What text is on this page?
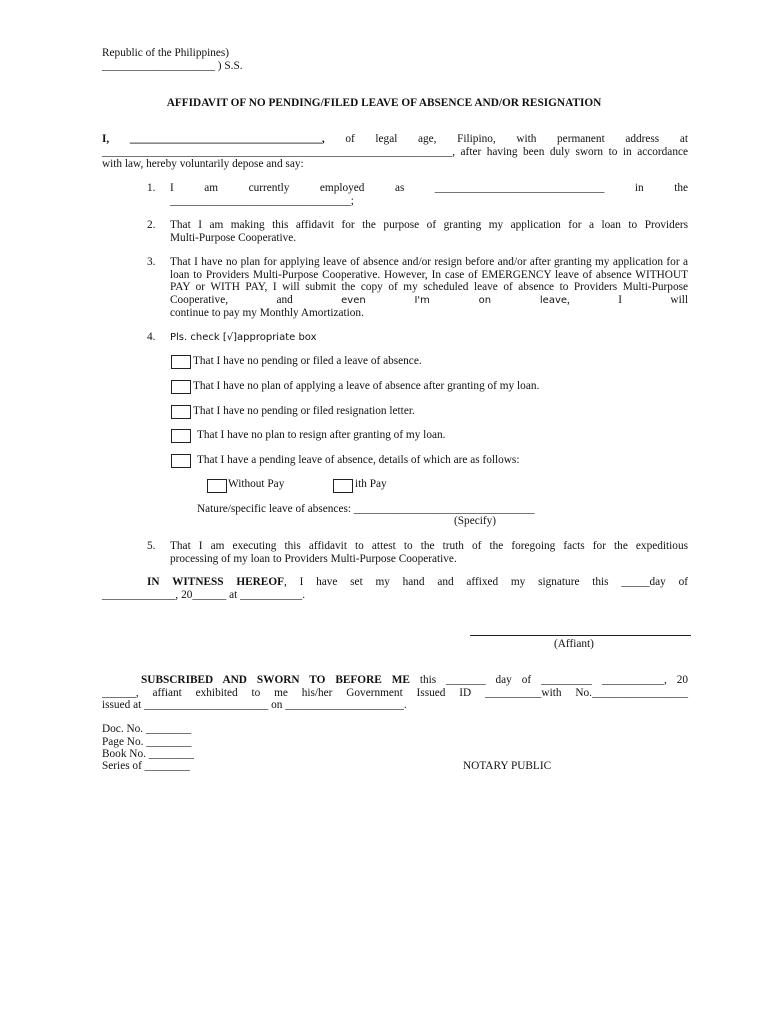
Republic of the Philippines)
____________________ ) S.S.
AFFIDAVIT OF NO PENDING/FILED LEAVE OF ABSENCE AND/OR RESIGNATION
I, __________________________________, of legal age, Filipino, with permanent address at
______________________________________________________________, after having been duly sworn to in accordance
with law, hereby voluntarily depose and say:
1. I am currently employed as ______________________________ in the
________________________________;
2. That I am making this affidavit for the purpose of granting my application for a loan to Providers

Multi-Purpose Cooperative.

3. That I have no plan for applying leave of absence and/or resign before and/or after granting my application for a loan to Providers Multi-Purpose Cooperative. However, In case of EMERGENCY leave of absence WITHOUT PAY or WITH PAY, I will submit the copy of my scheduled leave of absence to Providers Multi-Purpose Cooperative, and	even I'm on leave, I will

continue to pay my Monthly Amortization.

4. Pls. check [√]appropriate box
That I have no pending or filed a leave of absence.
That I have no plan of applying a leave of absence after granting of my loan.
That I have no pending or filed resignation letter.
That I have no plan to resign after granting of my loan.
That I have a pending leave of absence, details of which are as follows:
Without Pay	ith Pay
Nature/specific leave of absences: ________________________________
(Specify)
5. That I am executing this affidavit to attest to the truth of the foregoing facts for the expeditious

processing of my loan to Providers Multi-Purpose Cooperative.

IN WITNESS HEREOF, I have set my hand and affixed my signature this _____day of
_____________, 20______ at ___________.
(Affiant)
SUBSCRIBED AND SWORN TO BEFORE ME this _______ day of _________ ___________, 20
______, affiant exhibited to me his/her Government Issued ID __________with No._________________
issued at ______________________ on _____________________.
Doc. No. ________
Page No. ________
Book No. ________
Series of ________	NOTARY PUBLIC
